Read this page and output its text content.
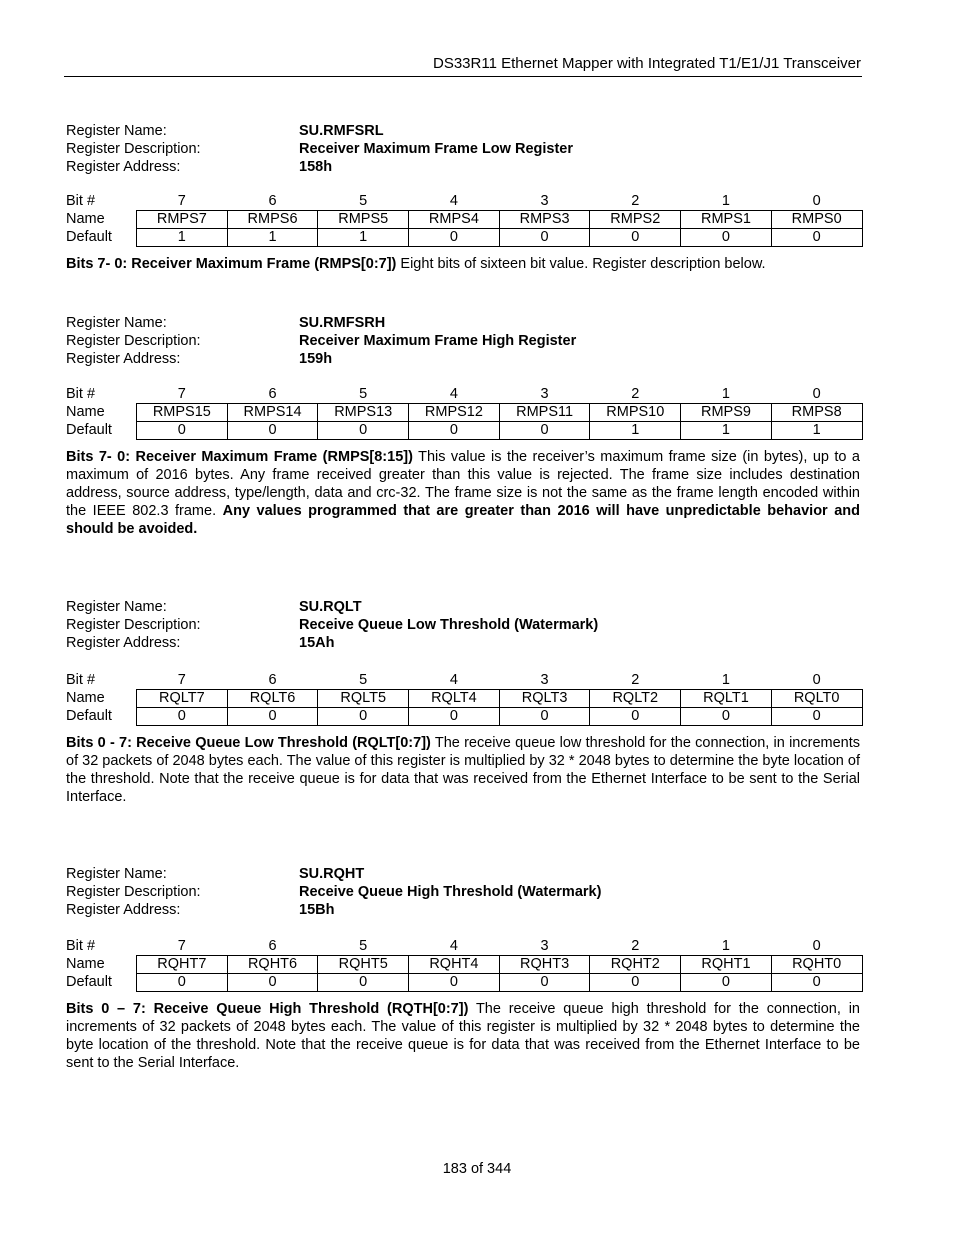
DS33R11 Ethernet Mapper with Integrated T1/E1/J1 Transceiver
Register Name:	SU.RMFSRL
Register Description:	Receiver Maximum Frame Low Register
Register Address:	158h
Bit #	7	6	5	4	3	2	1	0
Name	RMPS7	RMPS6	RMPS5	RMPS4	RMPS3	RMPS2	RMPS1	RMPS0
Default	1	1	1	0	0	0	0	0
Bits 7- 0: Receiver Maximum Frame (RMPS[0:7]) Eight bits of sixteen bit value. Register description below.
Register Name:	SU.RMFSRH
Register Description:	Receiver Maximum Frame High Register
Register Address:	159h
Bit #	7	6	5	4	3	2	1	0
Name	RMPS15	RMPS14	RMPS13	RMPS12	RMPS11	RMPS10	RMPS9	RMPS8
Default	0	0	0	0	0	1	1	1
Bits 7- 0: Receiver Maximum Frame (RMPS[8:15]) This value is the receiver’s maximum frame size (in bytes), up to a maximum of 2016 bytes. Any frame received greater than this value is rejected. The frame size includes destination address, source address, type/length, data and crc-32. The frame size is not the same as the frame length encoded within the IEEE 802.3 frame. Any values programmed that are greater than 2016 will have unpredictable behavior and should be avoided.
Register Name:	SU.RQLT
Register Description:	Receive Queue Low Threshold (Watermark)
Register Address:	15Ah
Bit #	7	6	5	4	3	2	1	0
Name	RQLT7	RQLT6	RQLT5	RQLT4	RQLT3	RQLT2	RQLT1	RQLT0
Default	0	0	0	0	0	0	0	0
Bits 0 - 7: Receive Queue Low Threshold (RQLT[0:7]) The receive queue low threshold for the connection, in increments of 32 packets of 2048 bytes each. The value of this register is multiplied by 32 * 2048 bytes to determine the byte location of the threshold. Note that the receive queue is for data that was received from the Ethernet Interface to be sent to the Serial Interface.
Register Name:	SU.RQHT
Register Description:	Receive Queue High Threshold (Watermark)
Register Address:	15Bh
Bit #	7	6	5	4	3	2	1	0
Name	RQHT7	RQHT6	RQHT5	RQHT4	RQHT3	RQHT2	RQHT1	RQHT0
Default	0	0	0	0	0	0	0	0
Bits 0 – 7: Receive Queue High Threshold (RQTH[0:7]) The receive queue high threshold for the connection, in increments of 32 packets of 2048 bytes each. The value of this register is multiplied by 32 * 2048 bytes to determine the byte location of the threshold. Note that the receive queue is for data that was received from the Ethernet Interface to be sent to the Serial Interface.
183 of 344
